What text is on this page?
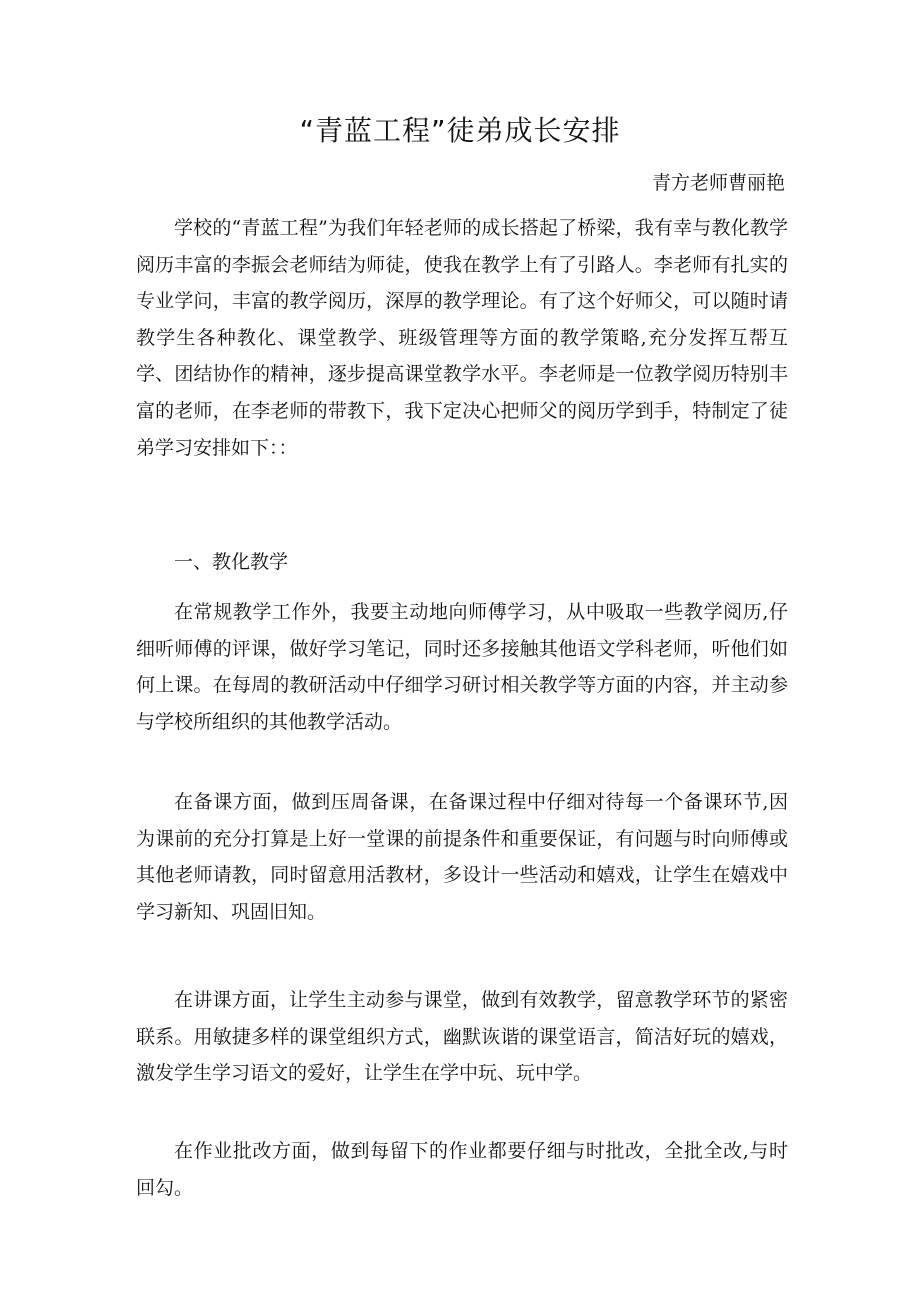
“青蓝工程”徒弟成长安排
青方老师曹丽艳

学校的“青蓝工程”为我们年轻老师的成长搭起了桥梁，我有幸与教化教学阅历丰富的李振会老师结为师徒，使我在教学上有了引路人。李老师有扎实的专业学问，丰富的教学阅历，深厚的教学理论。有了这个好师父，可以随时请教学生各种教化、课堂教学、班级管理等方面的教学策略,充分发挥互帮互学、团结协作的精神，逐步提高课堂教学水平。李老师是一位教学阅历特别丰富的老师，在李老师的带教下，我下定决心把师父的阅历学到手，特制定了徒弟学习安排如下：：

一、教化教学

在常规教学工作外，我要主动地向师傅学习，从中吸取一些教学阅历,仔细听师傅的评课，做好学习笔记，同时还多接触其他语文学科老师，听他们如何上课。在每周的教研活动中仔细学习研讨相关教学等方面的内容，并主动参与学校所组织的其他教学活动。

在备课方面，做到压周备课，在备课过程中仔细对待每一个备课环节,因为课前的充分打算是上好一堂课的前提条件和重要保证，有问题与时向师傅或其他老师请教，同时留意用活教材，多设计一些活动和嬉戏，让学生在嬉戏中学习新知、巩固旧知。

在讲课方面，让学生主动参与课堂，做到有效教学，留意教学环节的紧密联系。用敏捷多样的课堂组织方式，幽默诙谐的课堂语言，简洁好玩的嬉戏，激发学生学习语文的爱好，让学生在学中玩、玩中学。

在作业批改方面，做到每留下的作业都要仔细与时批改，全批全改,与时回勾。
